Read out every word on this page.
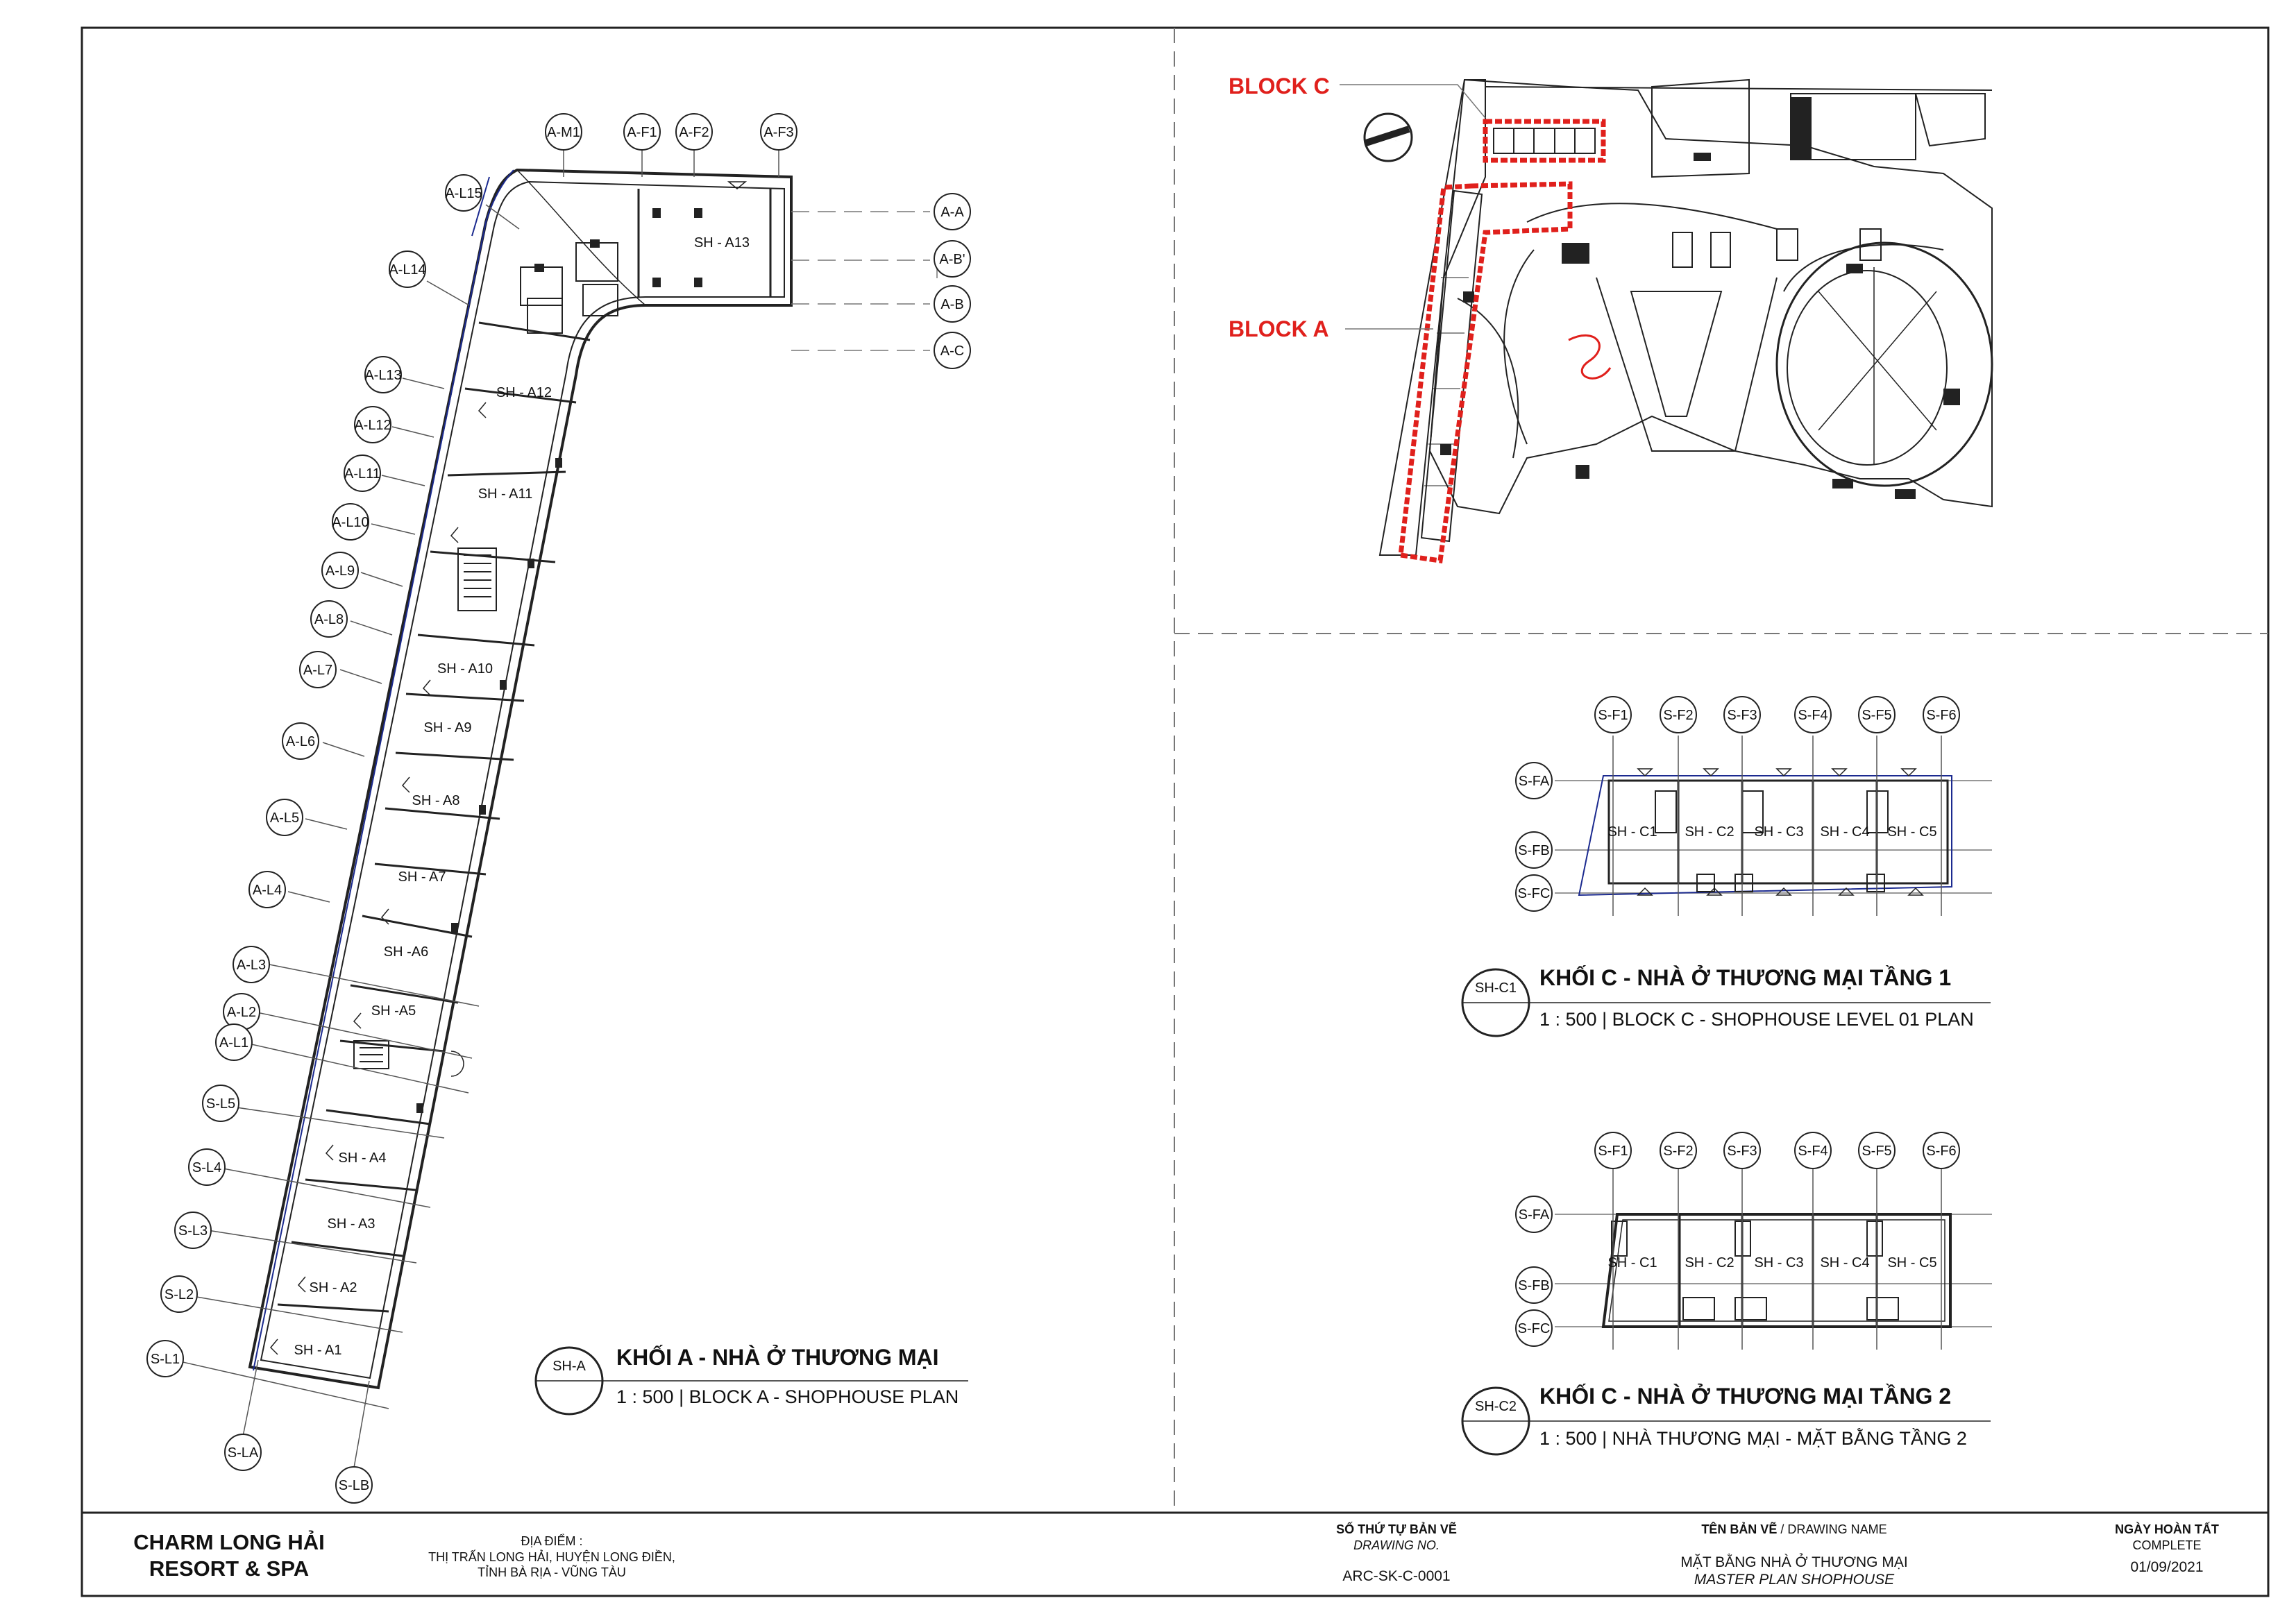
BLOCK C
BLOCK A
A-M1	A-F1 A-F2	A-F3
A-L15
A-L14
A-A
A-B'
A-B
A-C
A-L13
A-L12
A-L11
A-L10
A-L9
A-L8
A-L7
A-L6
A-L5
A-L4
A-L3
A-L2
A-L1
S-L5
S-L4
S-L3
S-L2
S-L1
S-LA
S-LB
SH - A13
SH - A12
SH - A11
SH - A10
SH - A9
SH - A8
SH - A7
SH -A6
SH -A5
SH - A4
SH - A3
SH - A2
SH - A1
SH-A KHỐI A - NHÀ Ở THƯƠNG MẠI
1 : 500 | BLOCK A - SHOPHOUSE PLAN
S-F1	S-F2 S-F3	S-F4 S-F5 S-F6
S-FA
S-FB
S-FC
SH - C1 SH - C2 SH - C3 SH - C4 SH - C5
SH-C1 KHỐI C - NHÀ Ở THƯƠNG MẠI TẦNG 1
1 : 500 | BLOCK C - SHOPHOUSE LEVEL 01 PLAN
S-F1	S-F2 S-F3	S-F4 S-F5 S-F6
S-FA
S-FB
S-FC
SH - C1 SH - C2 SH - C3 SH - C4 SH - C5
SH-C2 KHỐI C - NHÀ Ở THƯƠNG MẠI TẦNG 2
1 : 500 | NHÀ THƯƠNG MẠI - MẶT BẰNG TẦNG 2
CHARM LONG HẢI
RESORT & SPA
ĐỊA ĐIỂM :
THỊ TRẤN LONG HẢI, HUYỆN LONG ĐIỀN,
TỈNH BÀ RỊA - VŨNG TÀU
SỐ THỨ TỰ BẢN VẼ
DRAWING NO.
ARC-SK-C-0001
TÊN BẢN VẼ / DRAWING NAME
MẶT BẰNG NHÀ Ở THƯƠNG MẠI
MASTER PLAN SHOPHOUSE
NGÀY HOÀN TẤT
COMPLETE
01/09/2021
